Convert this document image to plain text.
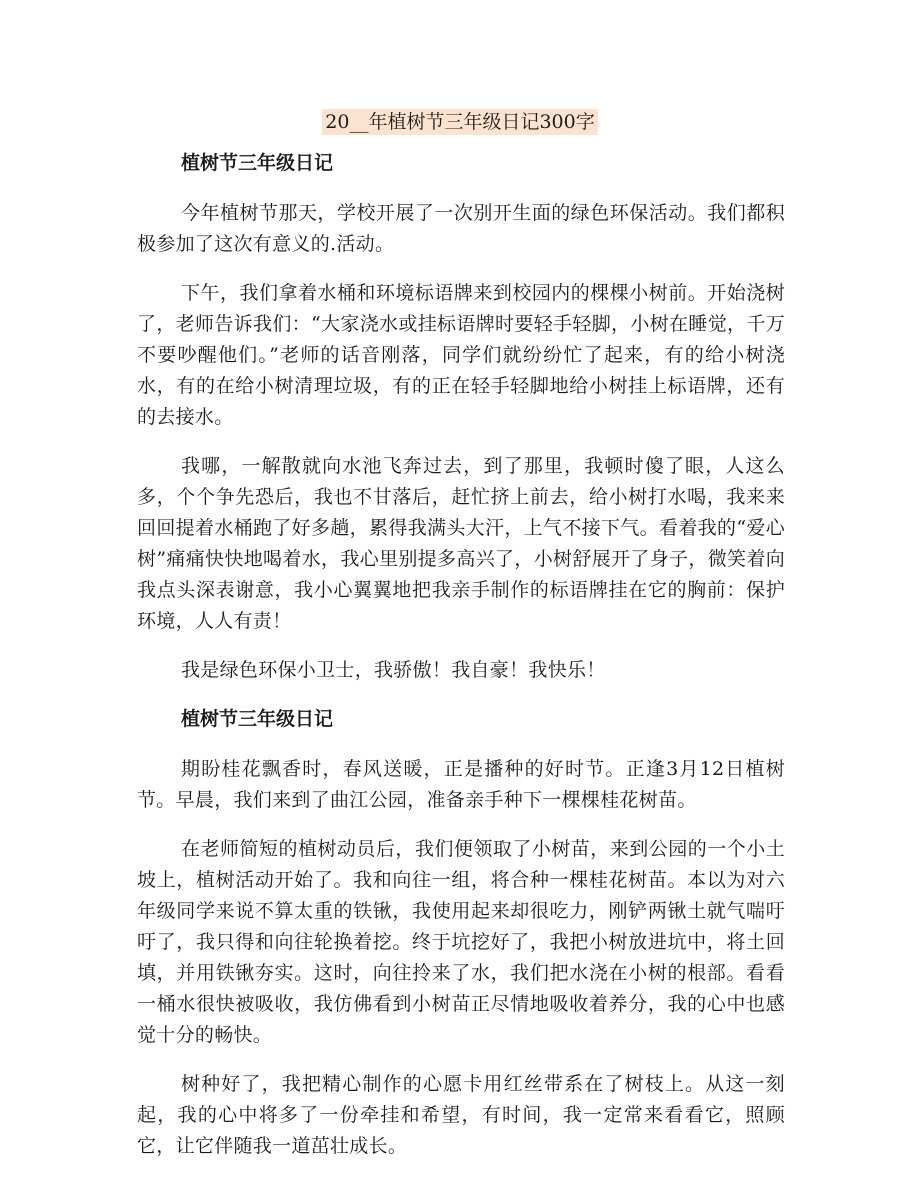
20__年植树节三年级日记300字
植树节三年级日记

今年植树节那天，学校开展了一次别开生面的绿色环保活动。我们都积极参加了这次有意义的.活动。

下午，我们拿着水桶和环境标语牌来到校园内的棵棵小树前。开始浇树了，老师告诉我们：“大家浇水或挂标语牌时要轻手轻脚，小树在睡觉，千万不要吵醒他们。”老师的话音刚落，同学们就纷纷忙了起来，有的给小树浇水，有的在给小树清理垃圾，有的正在轻手轻脚地给小树挂上标语牌，还有的去接水。

我哪，一解散就向水池飞奔过去，到了那里，我顿时傻了眼，人这么多，个个争先恐后，我也不甘落后，赶忙挤上前去，给小树打水喝，我来来回回提着水桶跑了好多趟，累得我满头大汗，上气不接下气。看着我的“爱心树”痛痛快快地喝着水，我心里别提多高兴了，小树舒展开了身子，微笑着向我点头深表谢意，我小心翼翼地把我亲手制作的标语牌挂在它的胸前：保护环境，人人有责！

我是绿色环保小卫士，我骄傲！我自豪！我快乐！

植树节三年级日记

期盼桂花飘香时，春风送暖，正是播种的好时节。正逢3月12日植树节。早晨，我们来到了曲江公园，准备亲手种下一棵棵桂花树苗。

在老师简短的植树动员后，我们便领取了小树苗，来到公园的一个小土坡上，植树活动开始了。我和向往一组，将合种一棵桂花树苗。本以为对六年级同学来说不算太重的铁锹，我使用起来却很吃力，刚铲两锹土就气喘吁吁了，我只得和向往轮换着挖。终于坑挖好了，我把小树放进坑中，将土回填，并用铁锹夯实。这时，向往拎来了水，我们把水浇在小树的根部。看看一桶水很快被吸收，我仿佛看到小树苗正尽情地吸收着养分，我的心中也感觉十分的畅快。

树种好了，我把精心制作的心愿卡用红丝带系在了树枝上。从这一刻起，我的心中将多了一份牵挂和希望，有时间，我一定常来看看它，照顾它，让它伴随我一道茁壮成长。
